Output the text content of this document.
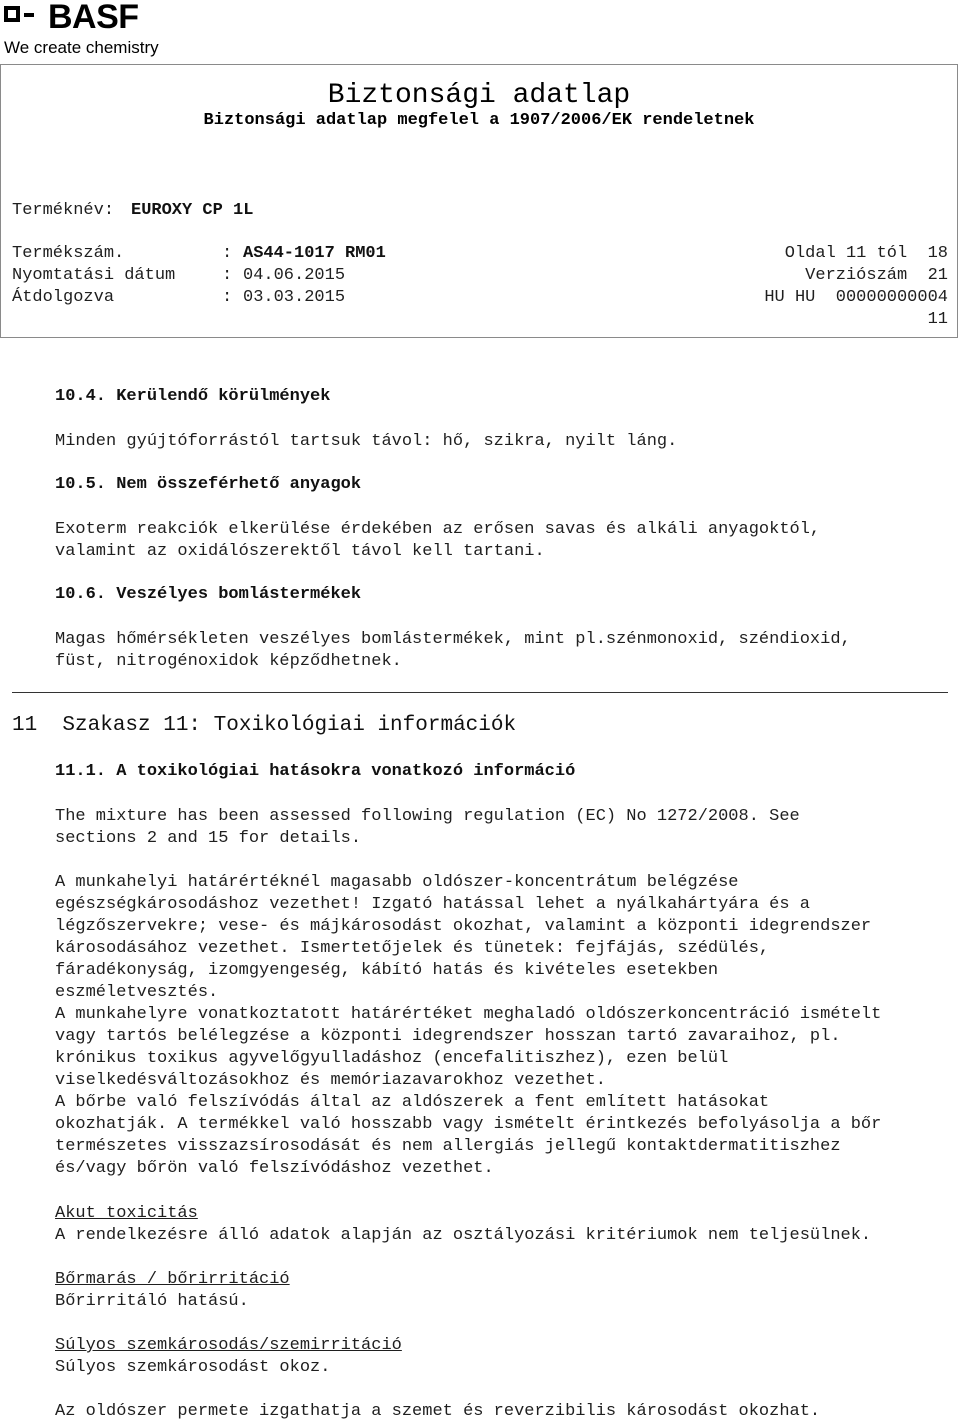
BASF
We create chemistry
Biztonsági adatlap
Biztonsági adatlap megfelel a 1907/2006/EK rendeletnek
Terméknév: EUROXY CP 1L
Termékszám.	: AS44-1017 RM01	Oldal 11 tól  18
Nyomtatási dátum	: 04.06.2015	Verziószám  21
Átdolgozva	: 03.03.2015	HU HU  00000000004
11
10.4. Kerülendő körülmények
Minden gyújtóforrástól tartsuk távol: hő, szikra, nyilt láng.
10.5. Nem összeférhető anyagok
Exoterm reakciók elkerülése érdekében az erősen savas és alkáli anyagoktól,
valamint az oxidálószerektől távol kell tartani.
10.6. Veszélyes bomlástermékek
Magas hőmérsékleten veszélyes bomlástermékek, mint pl.szénmonoxid, széndioxid,
füst, nitrogénoxidok képződhetnek.
11  Szakasz 11: Toxikológiai információk
11.1. A toxikológiai hatásokra vonatkozó információ
The mixture has been assessed following regulation (EC) No 1272/2008. See
sections 2 and 15 for details.
A munkahelyi határértéknél magasabb oldószer-koncentrátum belégzése
egészségkárosodáshoz vezethet! Izgató hatással lehet a nyálkahártyára és a
légzőszervekre; vese- és májkárosodást okozhat, valamint a központi idegrendszer
károsodásához vezethet. Ismertetőjelek és tünetek: fejfájás, szédülés,
fáradékonyság, izomgyengeség, kábító hatás és kivételes esetekben
eszméletvesztés.
A munkahelyre vonatkoztatott határértéket meghaladó oldószerkoncentráció ismételt
vagy tartós belélegzése a központi idegrendszer hosszan tartó zavaraihoz, pl.
krónikus toxikus agyvelőgyulladáshoz (encefalitiszhez), ezen belül
viselkedésváltozásokhoz és memóriazavarokhoz vezethet.
A bőrbe való felszívódás által az aldószerek a fent említett hatásokat
okozhatják. A termékkel való hosszabb vagy ismételt érintkezés befolyásolja a bőr
természetes visszazsírosodását és nem allergiás jellegű kontaktdermatitiszhez
és/vagy bőrön való felszívódáshoz vezethet.
Akut toxicitás
A rendelkezésre álló adatok alapján az osztályozási kritériumok nem teljesülnek.
Bőrmarás / bőrirritáció
Bőrirritáló hatású.
Súlyos szemkárosodás/szemirritáció
Súlyos szemkárosodást okoz.
Az oldószer permete izgathatja a szemet és reverzibilis károsodást okozhat.
